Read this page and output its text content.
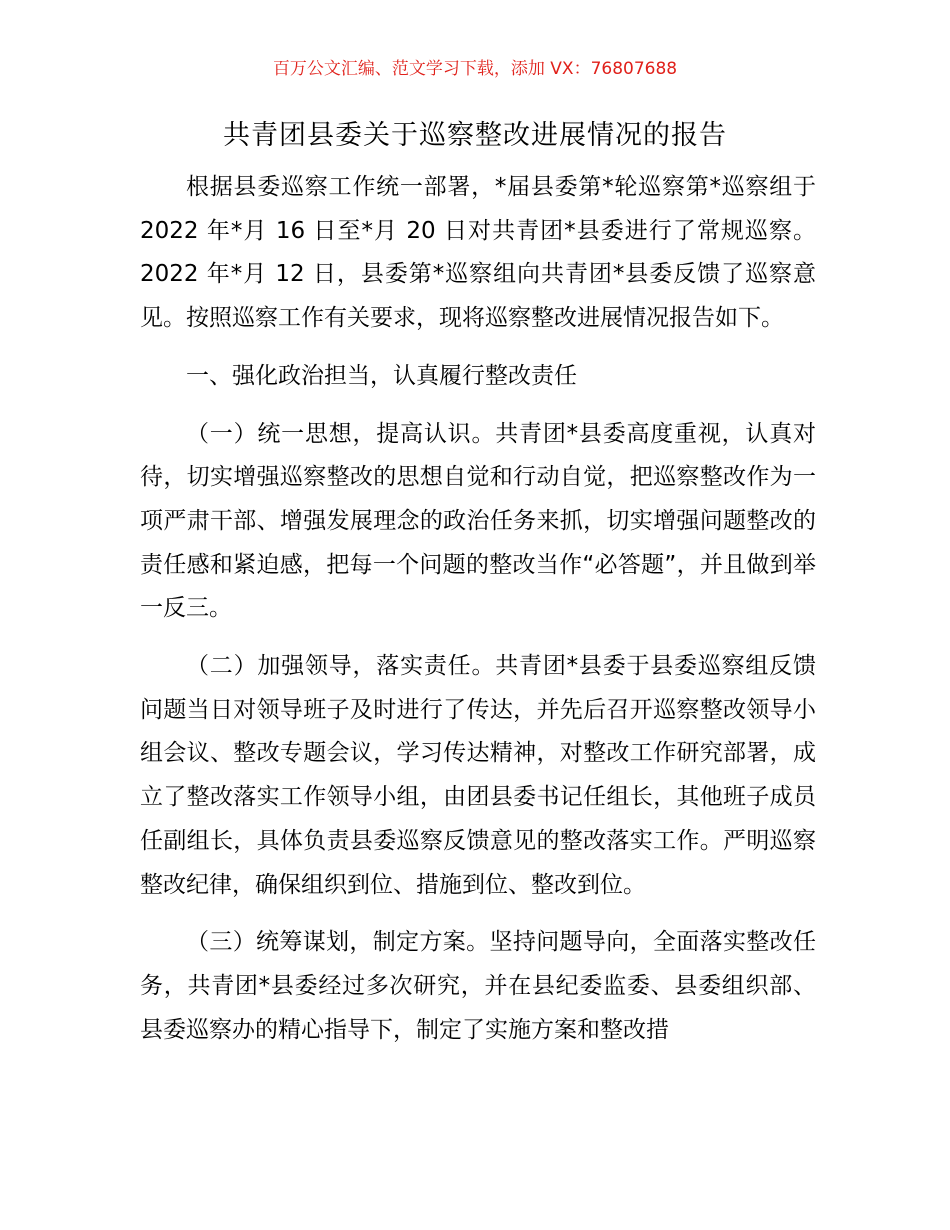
百万公文汇编、范文学习下载，添加 VX：76807688
共青团县委关于巡察整改进展情况的报告

根据县委巡察工作统一部署，*届县委第*轮巡察第*巡察组于 2022 年*月 16 日至*月 20 日对共青团*县委进行了常规巡察。2022 年*月 12 日，县委第*巡察组向共青团*县委反馈了巡察意见。按照巡察工作有关要求，现将巡察整改进展情况报告如下。

一、强化政治担当，认真履行整改责任

（一）统一思想，提高认识。共青团*县委高度重视，认真对待，切实增强巡察整改的思想自觉和行动自觉，把巡察整改作为一项严肃干部、增强发展理念的政治任务来抓，切实增强问题整改的责任感和紧迫感，把每一个问题的整改当作“必答题”，并且做到举一反三。

（二）加强领导，落实责任。共青团*县委于县委巡察组反馈问题当日对领导班子及时进行了传达，并先后召开巡察整改领导小组会议、整改专题会议，学习传达精神，对整改工作研究部署，成立了整改落实工作领导小组，由团县委书记任组长，其他班子成员任副组长，具体负责县委巡察反馈意见的整改落实工作。严明巡察整改纪律，确保组织到位、措施到位、整改到位。

（三）统筹谋划，制定方案。坚持问题导向，全面落实整改任务，共青团*县委经过多次研究，并在县纪委监委、县委组织部、县委巡察办的精心指导下，制定了实施方案和整改措
